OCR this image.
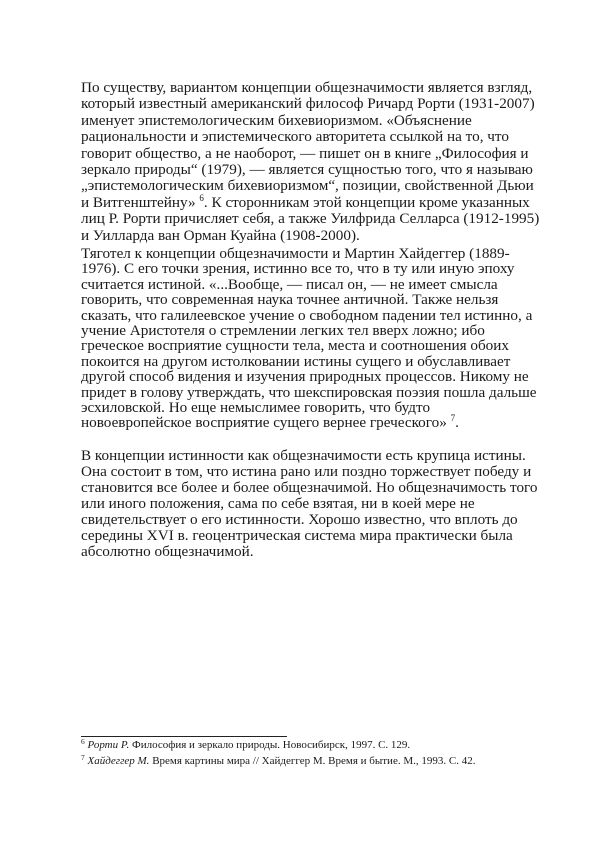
По существу, вариантом концепции общезначимости является взгляд,
который известный американский философ Ричард Рорти (1931-2007)
именует эпистемологическим бихевиоризмом. «Объяснение
рациональности и эпистемического авторитета ссылкой на то, что
говорит общество, а не наоборот, — пишет он в книге „Философия и
зеркало природы“ (1979), — является сущностью того, что я называю
„эпистемологическим бихевиоризмом“, позиции, свойственной Дьюи
и Витгенштейну» $^6$. К сторонникам этой концепции кроме указанных
лиц Р. Рорти причисляет себя, а также Уилфрида Селларса (1912-1995)
и Уилларда ван Орман Куайна (1908-2000).
Тяготел к концепции общезначимости и Мартин Хайдеггер (1889-
1976). С его точки зрения, истинно все то, что в ту или иную эпоху
считается истиной. «...Вообще, — писал он, — не имеет смысла
говорить, что современная наука точнее античной. Также нельзя
сказать, что галилеевское учение о свободном падении тел истинно, а
учение Аристотеля о стремлении легких тел вверх ложно; ибо
греческое восприятие сущности тела, места и соотношения обоих
покоится на другом истолковании истины сущего и обуславливает
другой способ видения и изучения природных процессов. Никому не
придет в голову утверждать, что шекспировская поэзия пошла дальше
эсхиловской. Но еще немыслимее говорить, что будто
новоевропейское восприятие сущего вернее греческого» $^7$.
В концепции истинности как общезначимости есть крупица истины.
Она состоит в том, что истина рано или поздно торжествует победу и
становится все более и более общезначимой. Но общезначимость того
или иного положения, сама по себе взятая, ни в коей мере не
свидетельствует о его истинности. Хорошо известно, что вплоть до
середины XVI в. геоцентрическая система мира практически была
абсолютно общезначимой.
$^6$ Рорти Р. Философия и зеркало природы. Новосибирск, 1997. С. 129.
$^7$ Хайдеггер М. Время картины мира // Хайдеггер М. Время и бытие. М., 1993. С. 42.
